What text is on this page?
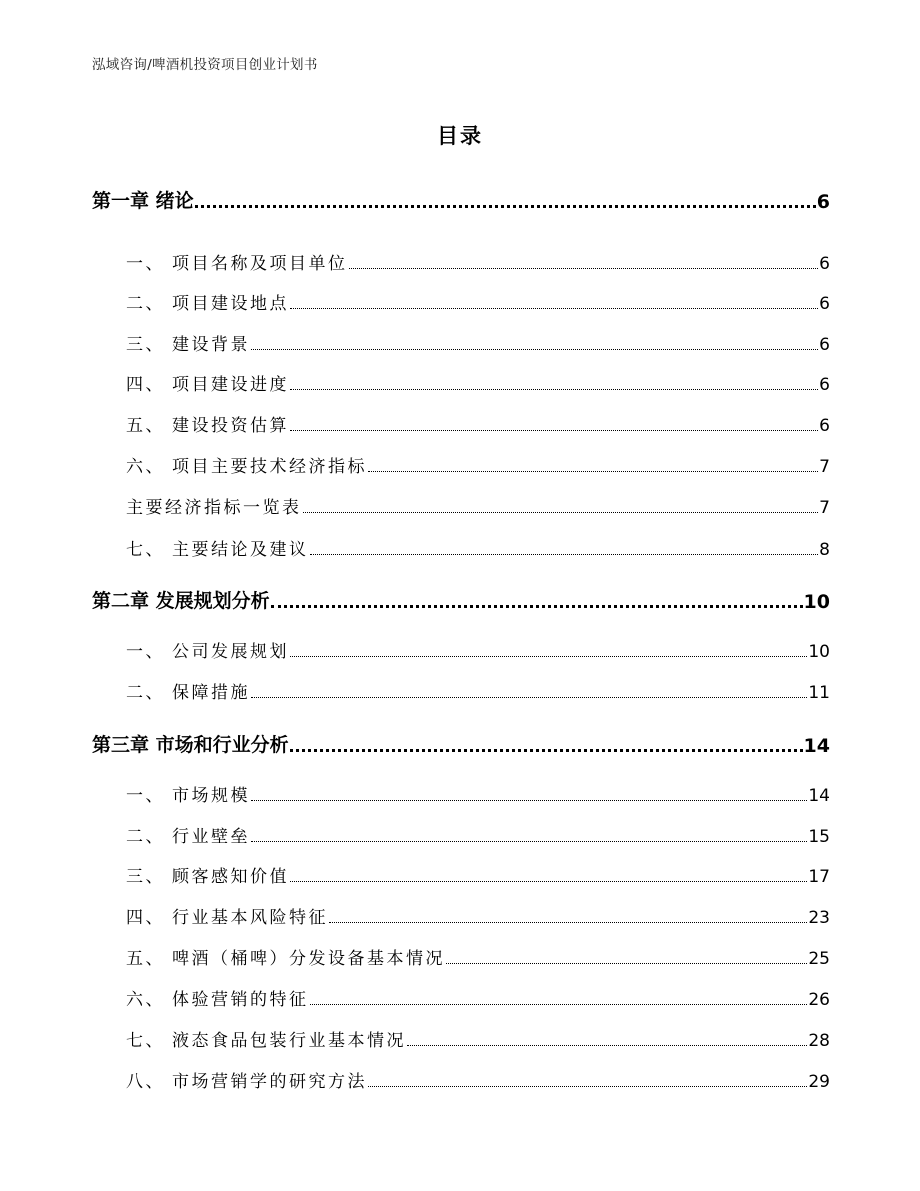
泓域咨询/啤酒机投资项目创业计划书
目录
第一章 绪论	6
一、 项目名称及项目单位	6
二、 项目建设地点	6
三、 建设背景	6
四、 项目建设进度	6
五、 建设投资估算	6
六、 项目主要技术经济指标	7
主要经济指标一览表	7
七、 主要结论及建议	8
第二章 发展规划分析	10
一、 公司发展规划	10
二、 保障措施	11
第三章 市场和行业分析	14
一、 市场规模	14
二、 行业壁垒	15
三、 顾客感知价值	17
四、 行业基本风险特征	23
五、 啤酒（桶啤）分发设备基本情况	25
六、 体验营销的特征	26
七、 液态食品包装行业基本情况	28
八、 市场营销学的研究方法	29
